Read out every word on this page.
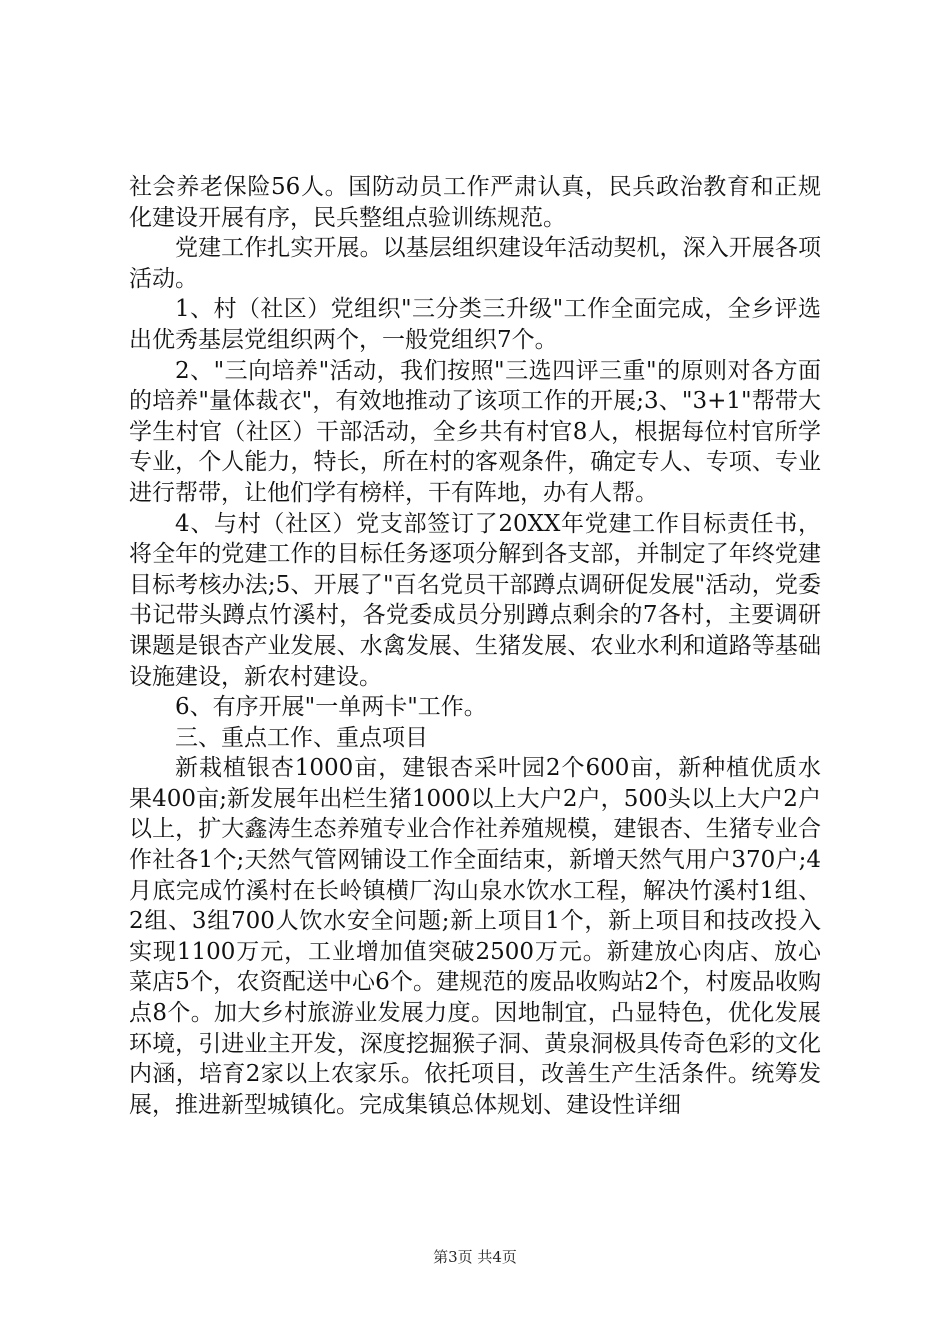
社会养老保险56人。国防动员工作严肃认真，民兵政治教育和正规化建设开展有序，民兵整组点验训练规范。

党建工作扎实开展。以基层组织建设年活动契机，深入开展各项活动。

1、村（社区）党组织"三分类三升级"工作全面完成，全乡评选出优秀基层党组织两个，一般党组织7个。

2、"三向培养"活动，我们按照"三选四评三重"的原则对各方面的培养"量体裁衣"，有效地推动了该项工作的开展;3、"3+1"帮带大学生村官（社区）干部活动，全乡共有村官8人，根据每位村官所学专业，个人能力，特长，所在村的客观条件，确定专人、专项、专业进行帮带，让他们学有榜样，干有阵地，办有人帮。

4、与村（社区）党支部签订了20XX年党建工作目标责任书，将全年的党建工作的目标任务逐项分解到各支部，并制定了年终党建目标考核办法;5、开展了"百名党员干部蹲点调研促发展"活动，党委书记带头蹲点竹溪村，各党委成员分别蹲点剩余的7各村，主要调研课题是银杏产业发展、水禽发展、生猪发展、农业水利和道路等基础设施建设，新农村建设。

6、有序开展"一单两卡"工作。

三、重点工作、重点项目

新栽植银杏1000亩，建银杏采叶园2个600亩，新种植优质水果400亩;新发展年出栏生猪1000以上大户2户，500头以上大户2户以上，扩大鑫涛生态养殖专业合作社养殖规模，建银杏、生猪专业合作社各1个;天然气管网铺设工作全面结束，新增天然气用户370户;4月底完成竹溪村在长岭镇横厂沟山泉水饮水工程，解决竹溪村1组、2组、3组700人饮水安全问题;新上项目1个，新上项目和技改投入实现1100万元，工业增加值突破2500万元。新建放心肉店、放心菜店5个，农资配送中心6个。建规范的废品收购站2个，村废品收购点8个。加大乡村旅游业发展力度。因地制宜，凸显特色，优化发展环境，引进业主开发，深度挖掘猴子洞、黄泉洞极具传奇色彩的文化内涵，培育2家以上农家乐。依托项目，改善生产生活条件。统筹发展，推进新型城镇化。完成集镇总体规划、建设性详细

第3页 共4页
